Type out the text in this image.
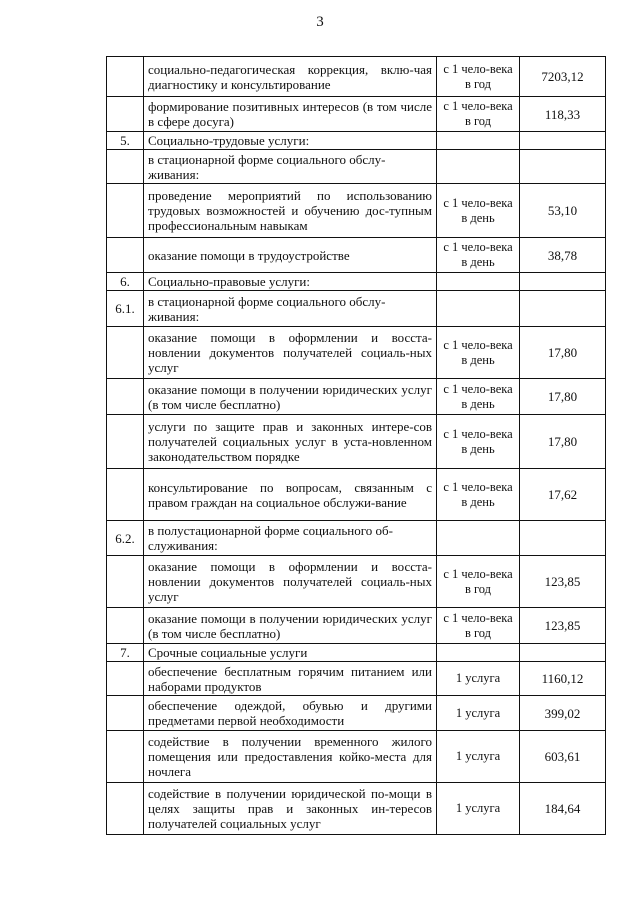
3
	социально-педагогическая коррекция, вклю-чая диагностику и консультирование	с 1 чело-века в год	7203,12
	формирование позитивных интересов (в том числе в сфере досуга)	с 1 чело-века в год	118,33
5.	Социально-трудовые услуги:		
	в стационарной форме социального обслу-живания:		
	проведение мероприятий по использованию трудовых возможностей и обучению дос-тупным профессиональным навыкам	с 1 чело-века в день	53,10
	оказание помощи в трудоустройстве	с 1 чело-века в день	38,78
6.	Социально-правовые услуги:		
6.1.	в стационарной форме социального обслу-живания:		
	оказание помощи в оформлении и восста-новлении документов получателей социаль-ных услуг	с 1 чело-века в день	17,80
	оказание помощи в получении юридических услуг (в том числе бесплатно)	с 1 чело-века в день	17,80
	услуги по защите прав и законных интере-сов получателей социальных услуг в уста-новленном законодательством порядке	с 1 чело-века в день	17,80
	консультирование по вопросам, связанным с правом граждан на социальное обслужи-вание	с 1 чело-века в день	17,62
6.2.	в полустационарной форме социального об-служивания:		
	оказание помощи в оформлении и восста-новлении документов получателей социаль-ных услуг	с 1 чело-века в год	123,85
	оказание помощи в получении юридических услуг (в том числе бесплатно)	с 1 чело-века в год	123,85
7.	Срочные социальные услуги		
	обеспечение бесплатным горячим питанием или наборами продуктов	1 услуга	1160,12
	обеспечение одеждой, обувью и другими предметами первой необходимости	1 услуга	399,02
	содействие в получении временного жилого помещения или предоставления койко-места для ночлега	1 услуга	603,61
	содействие в получении юридической по-мощи в целях защиты прав и законных ин-тересов получателей социальных услуг	1 услуга	184,64
